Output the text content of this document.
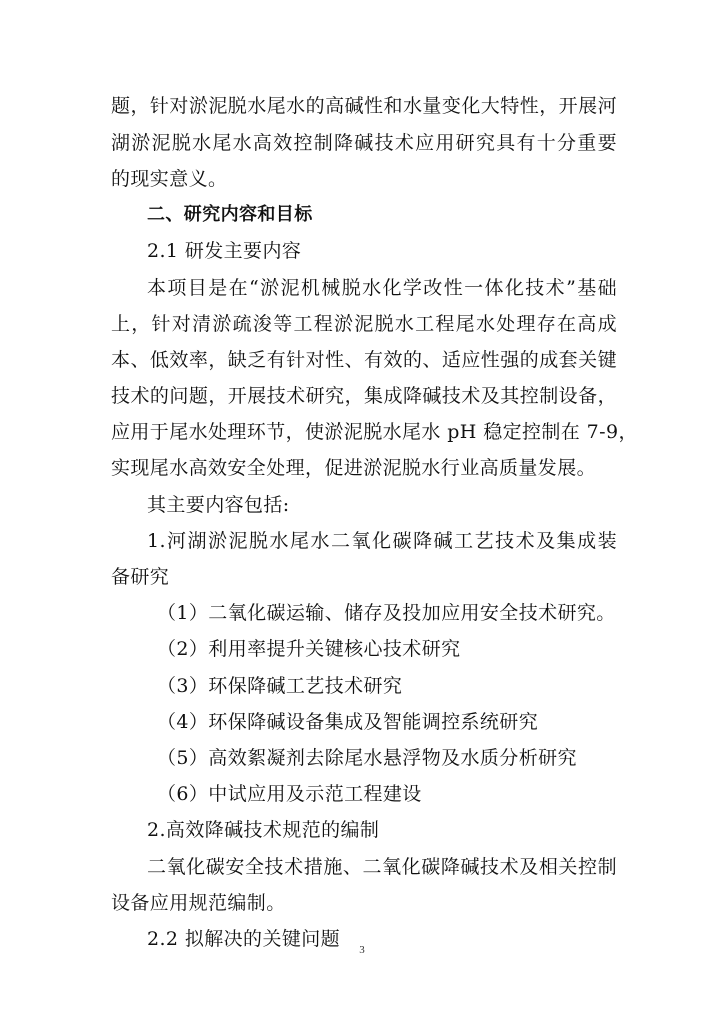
题，针对淤泥脱水尾水的高碱性和水量变化大特性，开展河
湖淤泥脱水尾水高效控制降碱技术应用研究具有十分重要
的现实意义。
二、研究内容和目标
2.1 研发主要内容
本项目是在“淤泥机械脱水化学改性一体化技术”基础
上，针对清淤疏浚等工程淤泥脱水工程尾水处理存在高成
本、低效率，缺乏有针对性、有效的、适应性强的成套关键
技术的问题，开展技术研究，集成降碱技术及其控制设备，
应用于尾水处理环节，使淤泥脱水尾水 pH 稳定控制在 7-9，
实现尾水高效安全处理，促进淤泥脱水行业高质量发展。
其主要内容包括:
1.河湖淤泥脱水尾水二氧化碳降碱工艺技术及集成装
备研究
（1）二氧化碳运输、储存及投加应用安全技术研究。
（2）利用率提升关键核心技术研究
（3）环保降碱工艺技术研究
（4）环保降碱设备集成及智能调控系统研究
（5）高效絮凝剂去除尾水悬浮物及水质分析研究
（6）中试应用及示范工程建设
2.高效降碱技术规范的编制
二氧化碳安全技术措施、二氧化碳降碱技术及相关控制
设备应用规范编制。
2.2 拟解决的关键问题	3
